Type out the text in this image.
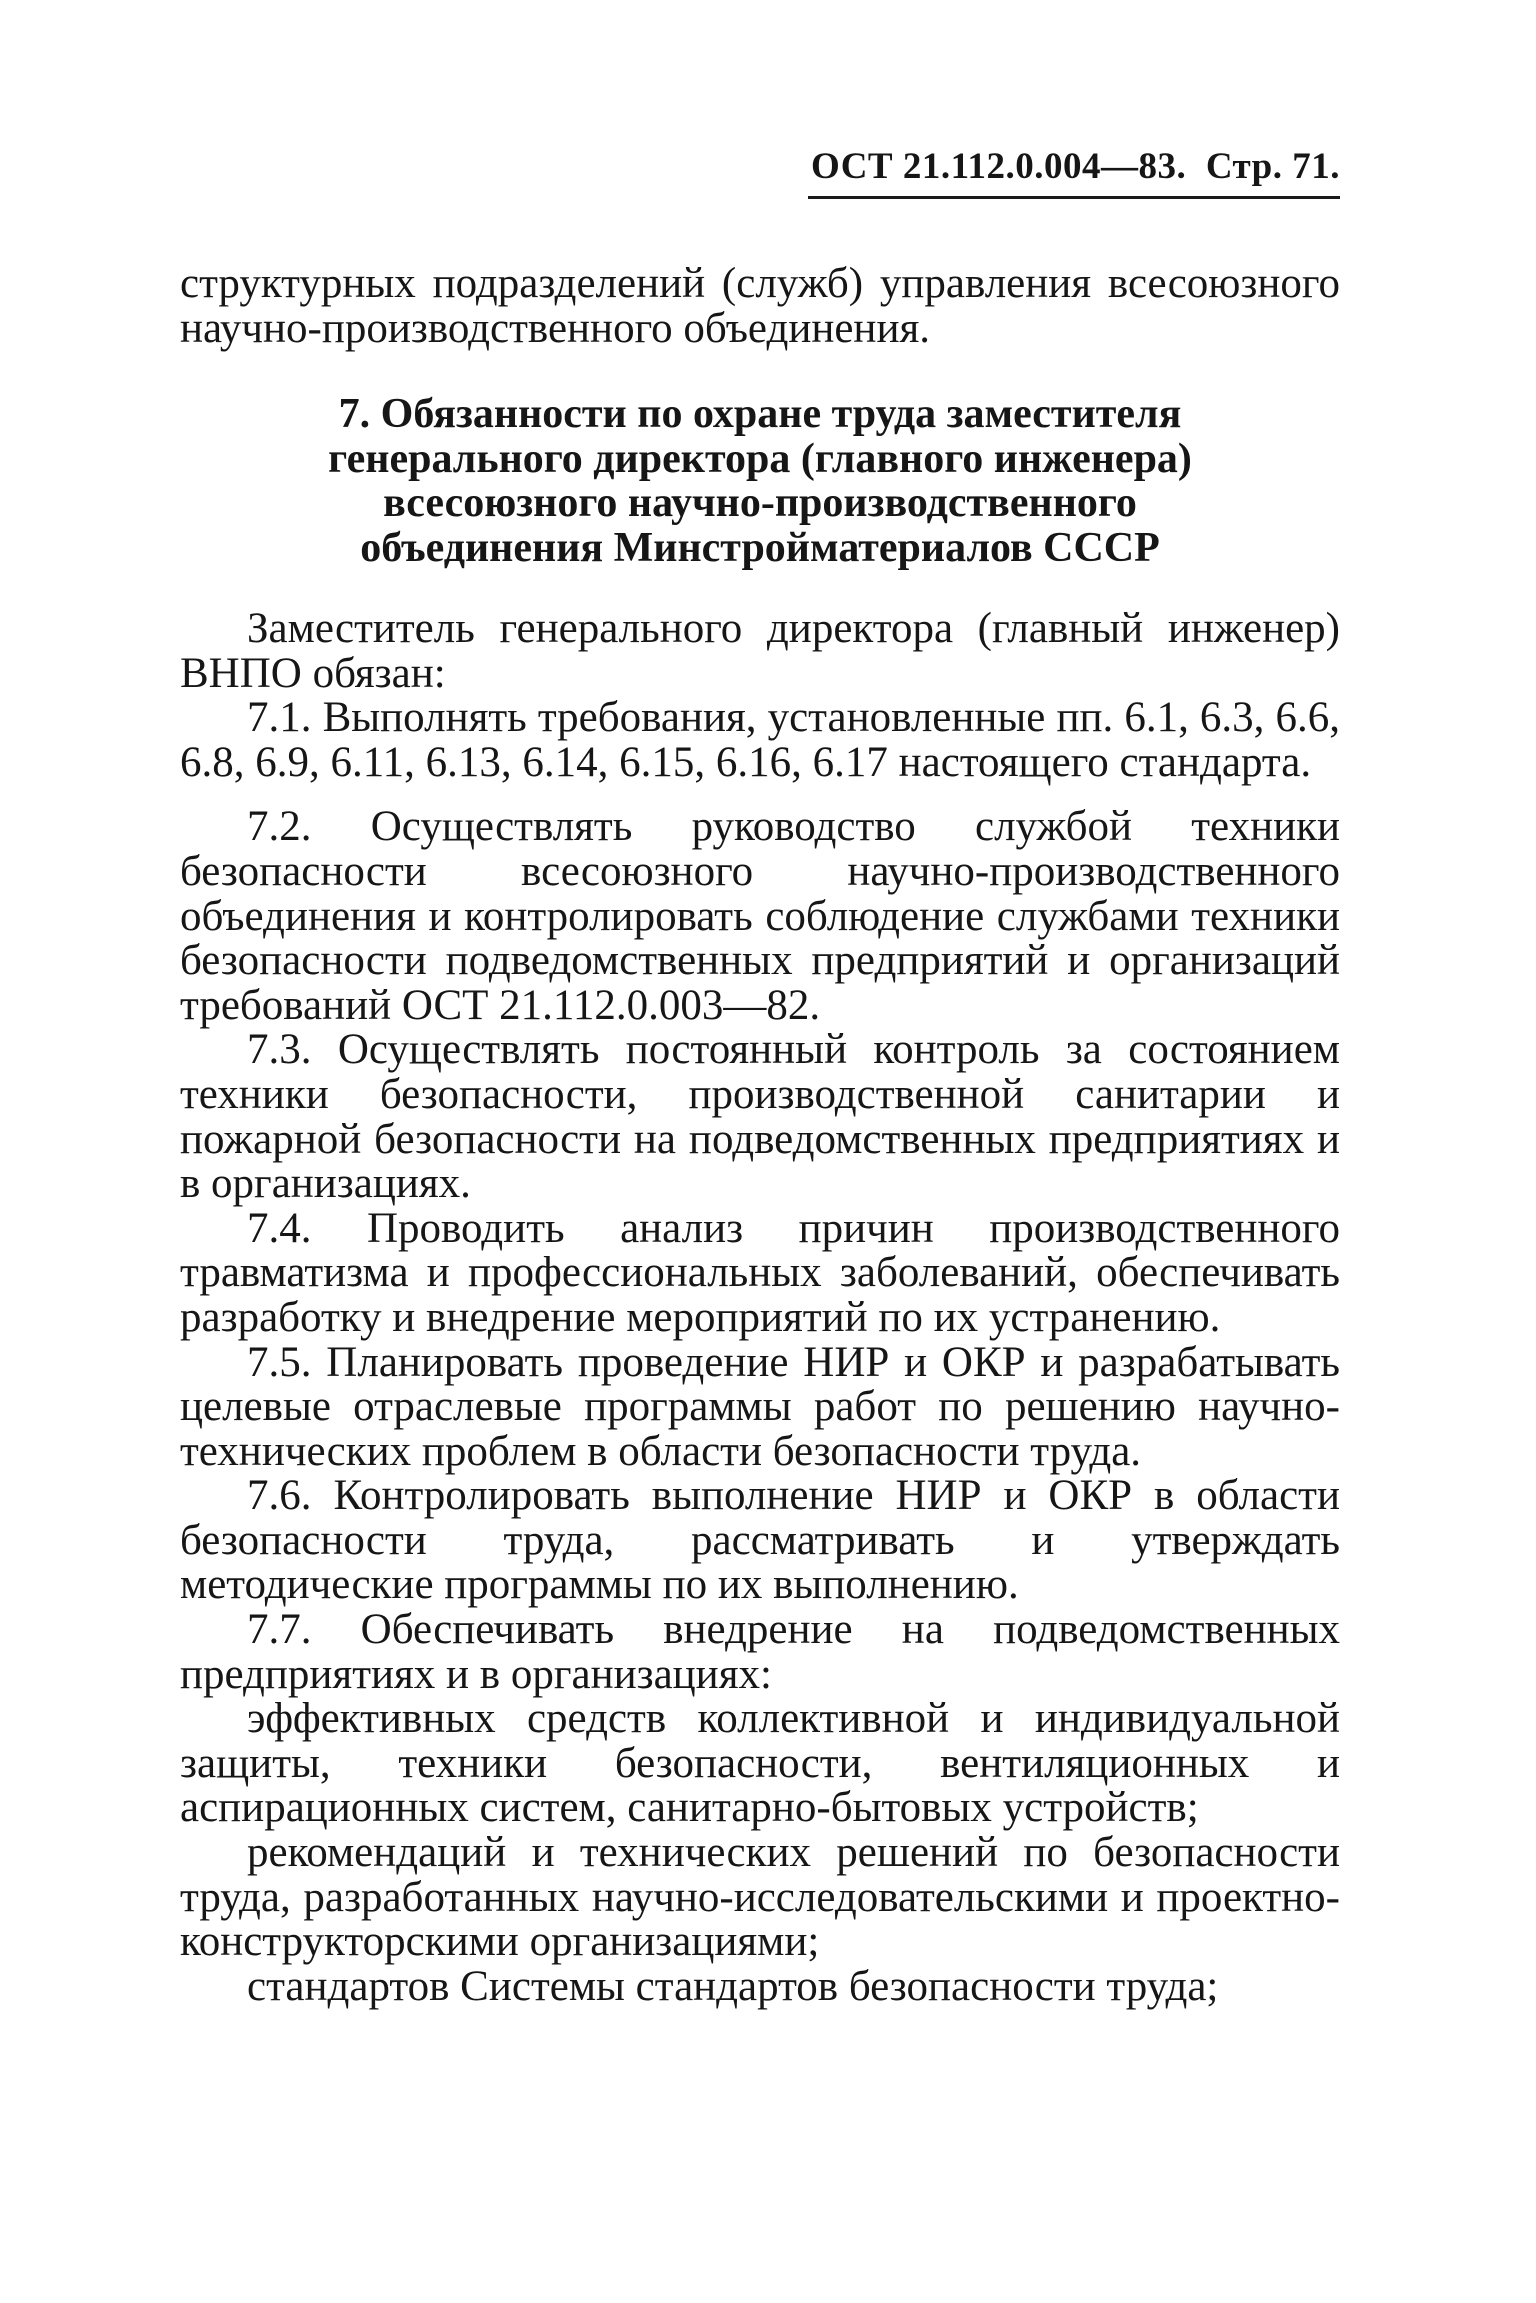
ОСТ 21.112.0.004—83. Стр. 71.

структурных подразделений (служб) управления всесоюзного научно-производственного объединения.

7. Обязанности по охране труда заместителя
генерального директора (главного инженера)
всесоюзного научно-производственного
объединения Минстройматериалов СССР

Заместитель генерального директора (главный инженер) ВНПО обязан:

7.1. Выполнять требования, установленные пп. 6.1, 6.3, 6.6, 6.8, 6.9, 6.11, 6.13, 6.14, 6.15, 6.16, 6.17 настоящего стандарта.

7.2. Осуществлять руководство службой техники безопасности всесоюзного научно-производственного объединения и контролировать соблюдение службами техники безопасности подведомственных предприятий и организаций требований ОСТ 21.112.0.003—82.

7.3. Осуществлять постоянный контроль за состоянием техники безопасности, производственной санитарии и пожарной безопасности на подведомственных предприятиях и в организациях.

7.4. Проводить анализ причин производственного травматизма и профессиональных заболеваний, обеспечивать разработку и внедрение мероприятий по их устранению.

7.5. Планировать проведение НИР и ОКР и разрабатывать целевые отраслевые программы работ по решению научно-технических проблем в области безопасности труда.

7.6. Контролировать выполнение НИР и ОКР в области безопасности труда, рассматривать и утверждать методические программы по их выполнению.

7.7. Обеспечивать внедрение на подведомственных предприятиях и в организациях:

эффективных средств коллективной и индивидуальной защиты, техники безопасности, вентиляционных и аспирационных систем, санитарно-бытовых устройств;

рекомендаций и технических решений по безопасности труда, разработанных научно-исследовательскими и проектно-конструкторскими организациями;

стандартов Системы стандартов безопасности труда;
